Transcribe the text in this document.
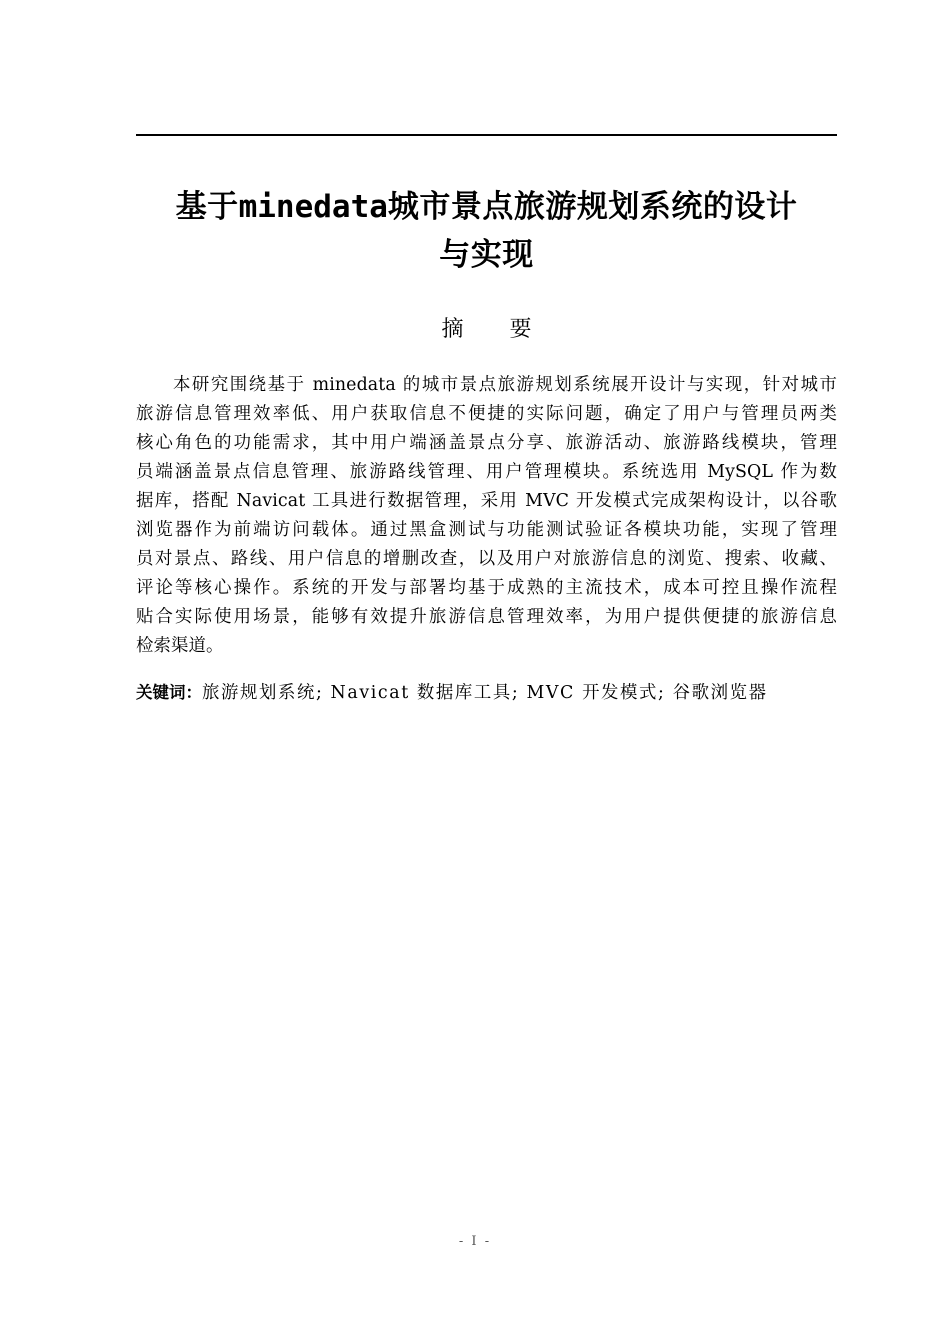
基于minedata城市景点旅游规划系统的设计
与实现
摘要
本研究围绕基于 minedata 的城市景点旅游规划系统展开设计与实现，针对城市
旅游信息管理效率低、用户获取信息不便捷的实际问题，确定了用户与管理员两类
核心角色的功能需求，其中用户端涵盖景点分享、旅游活动、旅游路线模块，管理
员端涵盖景点信息管理、旅游路线管理、用户管理模块。系统选用 MySQL 作为数
据库，搭配 Navicat 工具进行数据管理，采用 MVC 开发模式完成架构设计，以谷歌
浏览器作为前端访问载体。通过黑盒测试与功能测试验证各模块功能，实现了管理
员对景点、路线、用户信息的增删改查，以及用户对旅游信息的浏览、搜索、收藏、
评论等核心操作。系统的开发与部署均基于成熟的主流技术，成本可控且操作流程
贴合实际使用场景，能够有效提升旅游信息管理效率，为用户提供便捷的旅游信息
检索渠道。
关键词：旅游规划系统; Navicat 数据库工具; MVC 开发模式; 谷歌浏览器
- I -
